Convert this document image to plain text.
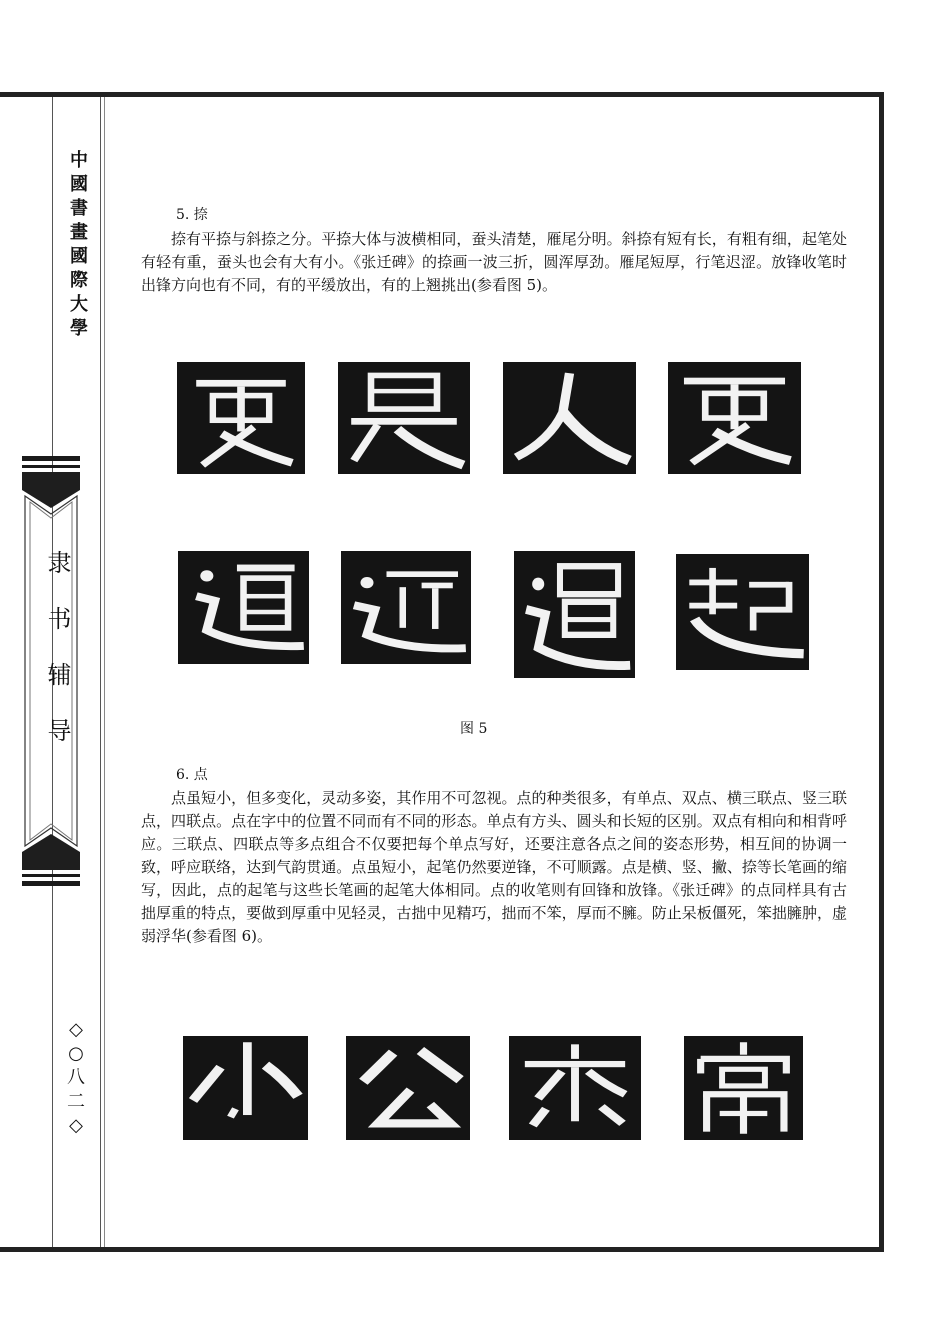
中國書畫國際大學
隶书辅导
◇
○
八
二
◇
5. 捺

捺有平捺与斜捺之分。平捺大体与波横相同，蚕头清楚，雁尾分明。斜捺有短有长，有粗有细，起笔处有轻有重，蚕头也会有大有小。《张迁碑》的捺画一波三折，圆浑厚劲。雁尾短厚，行笔迟涩。放锋收笔时出锋方向也有不同，有的平缓放出，有的上翘挑出(参看图 5)。

图 5
6. 点

点虽短小，但多变化，灵动多姿，其作用不可忽视。点的种类很多，有单点、双点、横三联点、竖三联点，四联点。点在字中的位置不同而有不同的形态。单点有方头、圆头和长短的区别。双点有相向和相背呼应。三联点、四联点等多点组合不仅要把每个单点写好，还要注意各点之间的姿态形势，相互间的协调一致，呼应联络，达到气韵贯通。点虽短小，起笔仍然要逆锋，不可顺露。点是横、竖、撇、捺等长笔画的缩写，因此，点的起笔与这些长笔画的起笔大体相同。点的收笔则有回锋和放锋。《张迁碑》的点同样具有古拙厚重的特点，要做到厚重中见轻灵，古拙中见精巧，拙而不笨，厚而不臃。防止呆板僵死，笨拙臃肿，虚弱浮华(参看图 6)。
